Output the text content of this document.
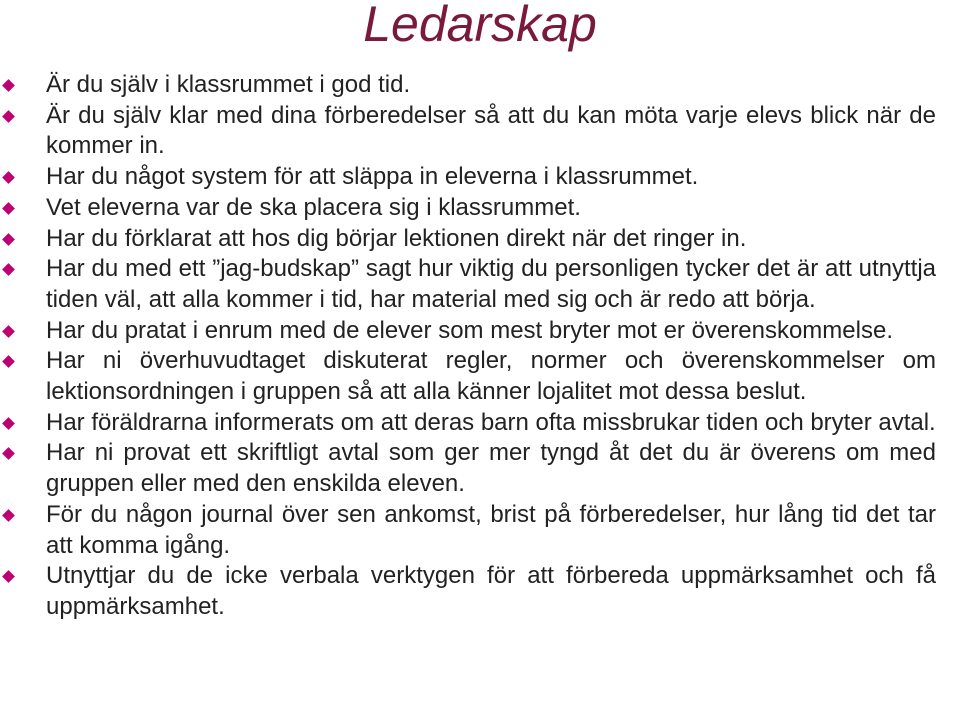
Ledarskap
Är du själv i klassrummet i god tid.
Är du själv klar med dina förberedelser så att du kan möta varje elevs blick när de kommer in.
Har du något system för att släppa in eleverna i klassrummet.
Vet eleverna var de ska placera sig i klassrummet.
Har du förklarat att hos dig börjar lektionen direkt när det ringer in.
Har du med ett ”jag-budskap” sagt hur viktig du personligen tycker det är att utnyttja tiden väl, att alla kommer i tid, har material med sig och är redo att börja.
Har du pratat i enrum med de elever som mest bryter mot er överenskommelse.
Har ni överhuvudtaget diskuterat regler, normer och överenskommelser om lektionsordningen i gruppen så att alla känner lojalitet mot dessa beslut.
Har föräldrarna informerats om att deras barn ofta missbrukar tiden och bryter avtal.
Har ni provat ett skriftligt avtal som ger mer tyngd åt det du är överens om med gruppen eller med den enskilda eleven.
För du någon journal över sen ankomst, brist på förberedelser, hur lång tid det tar att komma igång.
Utnyttjar du de icke verbala verktygen för att förbereda uppmärksamhet och få uppmärksamhet.
